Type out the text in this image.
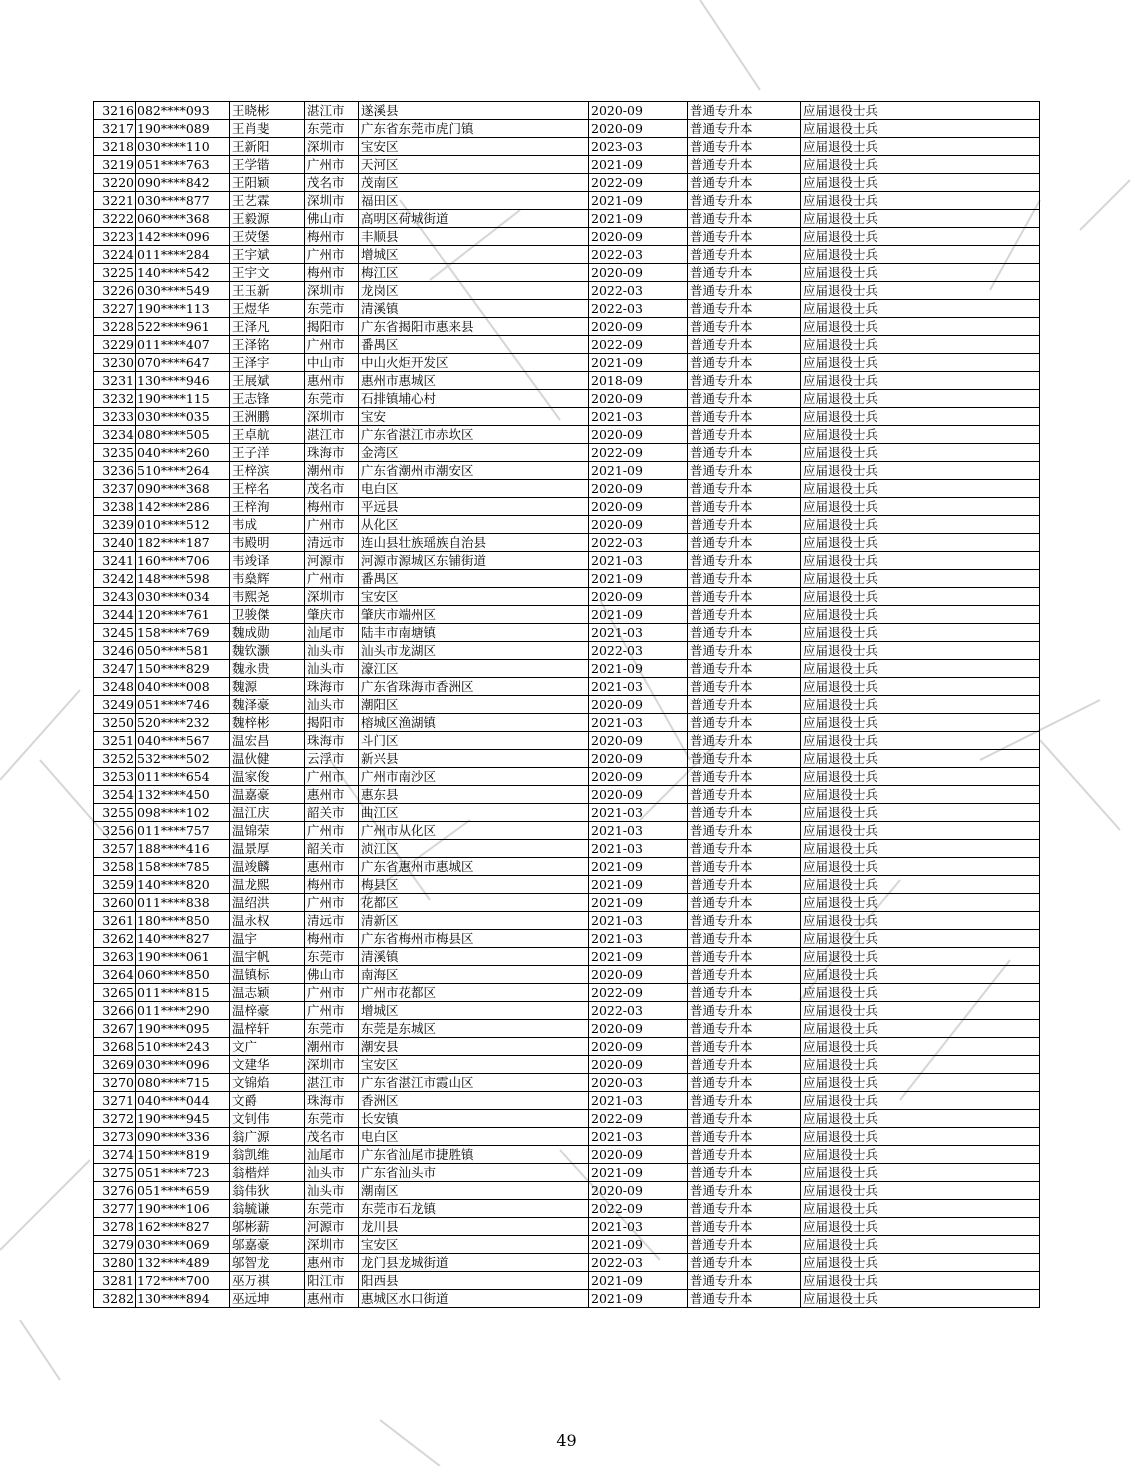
3216	082****093	王晓彬	湛江市	遂溪县	2020-09	普通专升本	应届退役士兵
3217	190****089	王肖斐	东莞市	广东省东莞市虎门镇	2020-09	普通专升本	应届退役士兵
3218	030****110	王新阳	深圳市	宝安区	2023-03	普通专升本	应届退役士兵
3219	051****763	王学锴	广州市	天河区	2021-09	普通专升本	应届退役士兵
3220	090****842	王阳颖	茂名市	茂南区	2022-09	普通专升本	应届退役士兵
3221	030****877	王艺霖	深圳市	福田区	2021-09	普通专升本	应届退役士兵
3222	060****368	王毅源	佛山市	高明区荷城街道	2021-09	普通专升本	应届退役士兵
3223	142****096	王荧堡	梅州市	丰顺县	2020-09	普通专升本	应届退役士兵
3224	011****284	王宇斌	广州市	增城区	2022-03	普通专升本	应届退役士兵
3225	140****542	王宇文	梅州市	梅江区	2020-09	普通专升本	应届退役士兵
3226	030****549	王玉新	深圳市	龙岗区	2022-03	普通专升本	应届退役士兵
3227	190****113	王煜华	东莞市	清溪镇	2022-03	普通专升本	应届退役士兵
3228	522****961	王泽凡	揭阳市	广东省揭阳市惠来县	2020-09	普通专升本	应届退役士兵
3229	011****407	王泽铭	广州市	番禺区	2022-09	普通专升本	应届退役士兵
3230	070****647	王泽宇	中山市	中山火炬开发区	2021-09	普通专升本	应届退役士兵
3231	130****946	王展斌	惠州市	惠州市惠城区	2018-09	普通专升本	应届退役士兵
3232	190****115	王志锋	东莞市	石排镇埔心村	2020-09	普通专升本	应届退役士兵
3233	030****035	王洲鹏	深圳市	宝安	2021-03	普通专升本	应届退役士兵
3234	080****505	王卓航	湛江市	广东省湛江市赤坎区	2020-09	普通专升本	应届退役士兵
3235	040****260	王子洋	珠海市	金湾区	2022-09	普通专升本	应届退役士兵
3236	510****264	王梓滨	潮州市	广东省潮州市潮安区	2021-09	普通专升本	应届退役士兵
3237	090****368	王梓名	茂名市	电白区	2020-09	普通专升本	应届退役士兵
3238	142****286	王梓洵	梅州市	平远县	2020-09	普通专升本	应届退役士兵
3239	010****512	韦成	广州市	从化区	2020-09	普通专升本	应届退役士兵
3240	182****187	韦殿明	清远市	连山县壮族瑶族自治县	2022-03	普通专升本	应届退役士兵
3241	160****706	韦竣译	河源市	河源市源城区东铺街道	2021-03	普通专升本	应届退役士兵
3242	148****598	韦燊辉	广州市	番禺区	2021-09	普通专升本	应届退役士兵
3243	030****034	韦熙尧	深圳市	宝安区	2020-09	普通专升本	应届退役士兵
3244	120****761	卫骏傑	肇庆市	肇庆市端州区	2021-09	普通专升本	应届退役士兵
3245	158****769	魏成勋	汕尾市	陆丰市南塘镇	2021-03	普通专升本	应届退役士兵
3246	050****581	魏钦灏	汕头市	汕头市龙湖区	2022-03	普通专升本	应届退役士兵
3247	150****829	魏永贵	汕头市	濠江区	2021-09	普通专升本	应届退役士兵
3248	040****008	魏源	珠海市	广东省珠海市香洲区	2021-03	普通专升本	应届退役士兵
3249	051****746	魏泽豪	汕头市	潮阳区	2020-09	普通专升本	应届退役士兵
3250	520****232	魏梓彬	揭阳市	榕城区渔湖镇	2021-03	普通专升本	应届退役士兵
3251	040****567	温宏昌	珠海市	斗门区	2020-09	普通专升本	应届退役士兵
3252	532****502	温伙健	云浮市	新兴县	2020-09	普通专升本	应届退役士兵
3253	011****654	温家俊	广州市	广州市南沙区	2020-09	普通专升本	应届退役士兵
3254	132****450	温嘉豪	惠州市	惠东县	2020-09	普通专升本	应届退役士兵
3255	098****102	温江庆	韶关市	曲江区	2021-03	普通专升本	应届退役士兵
3256	011****757	温锦荣	广州市	广州市从化区	2021-03	普通专升本	应届退役士兵
3257	188****416	温景厚	韶关市	浈江区	2021-03	普通专升本	应届退役士兵
3258	158****785	温竣麟	惠州市	广东省惠州市惠城区	2021-09	普通专升本	应届退役士兵
3259	140****820	温龙熙	梅州市	梅县区	2021-09	普通专升本	应届退役士兵
3260	011****838	温绍洪	广州市	花都区	2021-09	普通专升本	应届退役士兵
3261	180****850	温永权	清远市	清新区	2021-03	普通专升本	应届退役士兵
3262	140****827	温宇	梅州市	广东省梅州市梅县区	2021-03	普通专升本	应届退役士兵
3263	190****061	温宇帆	东莞市	清溪镇	2021-09	普通专升本	应届退役士兵
3264	060****850	温镇标	佛山市	南海区	2020-09	普通专升本	应届退役士兵
3265	011****815	温志颖	广州市	广州市花都区	2022-09	普通专升本	应届退役士兵
3266	011****290	温梓豪	广州市	增城区	2022-03	普通专升本	应届退役士兵
3267	190****095	温梓轩	东莞市	东莞是东城区	2020-09	普通专升本	应届退役士兵
3268	510****243	文广	潮州市	潮安县	2020-09	普通专升本	应届退役士兵
3269	030****096	文建华	深圳市	宝安区	2020-09	普通专升本	应届退役士兵
3270	080****715	文锦焰	湛江市	广东省湛江市霞山区	2020-03	普通专升本	应届退役士兵
3271	040****044	文爵	珠海市	香洲区	2021-03	普通专升本	应届退役士兵
3272	190****945	文钊伟	东莞市	长安镇	2022-09	普通专升本	应届退役士兵
3273	090****336	翁广源	茂名市	电白区	2021-03	普通专升本	应届退役士兵
3274	150****819	翁凯维	汕尾市	广东省汕尾市捷胜镇	2020-09	普通专升本	应届退役士兵
3275	051****723	翁楷烊	汕头市	广东省汕头市	2021-09	普通专升本	应届退役士兵
3276	051****659	翁伟狄	汕头市	潮南区	2020-09	普通专升本	应届退役士兵
3277	190****106	翁毓谦	东莞市	东莞市石龙镇	2022-09	普通专升本	应届退役士兵
3278	162****827	邬彬薪	河源市	龙川县	2021-03	普通专升本	应届退役士兵
3279	030****069	邬嘉豪	深圳市	宝安区	2021-09	普通专升本	应届退役士兵
3280	132****489	邬智龙	惠州市	龙门县龙城街道	2022-03	普通专升本	应届退役士兵
3281	172****700	巫万祺	阳江市	阳西县	2021-09	普通专升本	应届退役士兵
3282	130****894	巫远坤	惠州市	惠城区水口街道	2021-09	普通专升本	应届退役士兵
49
